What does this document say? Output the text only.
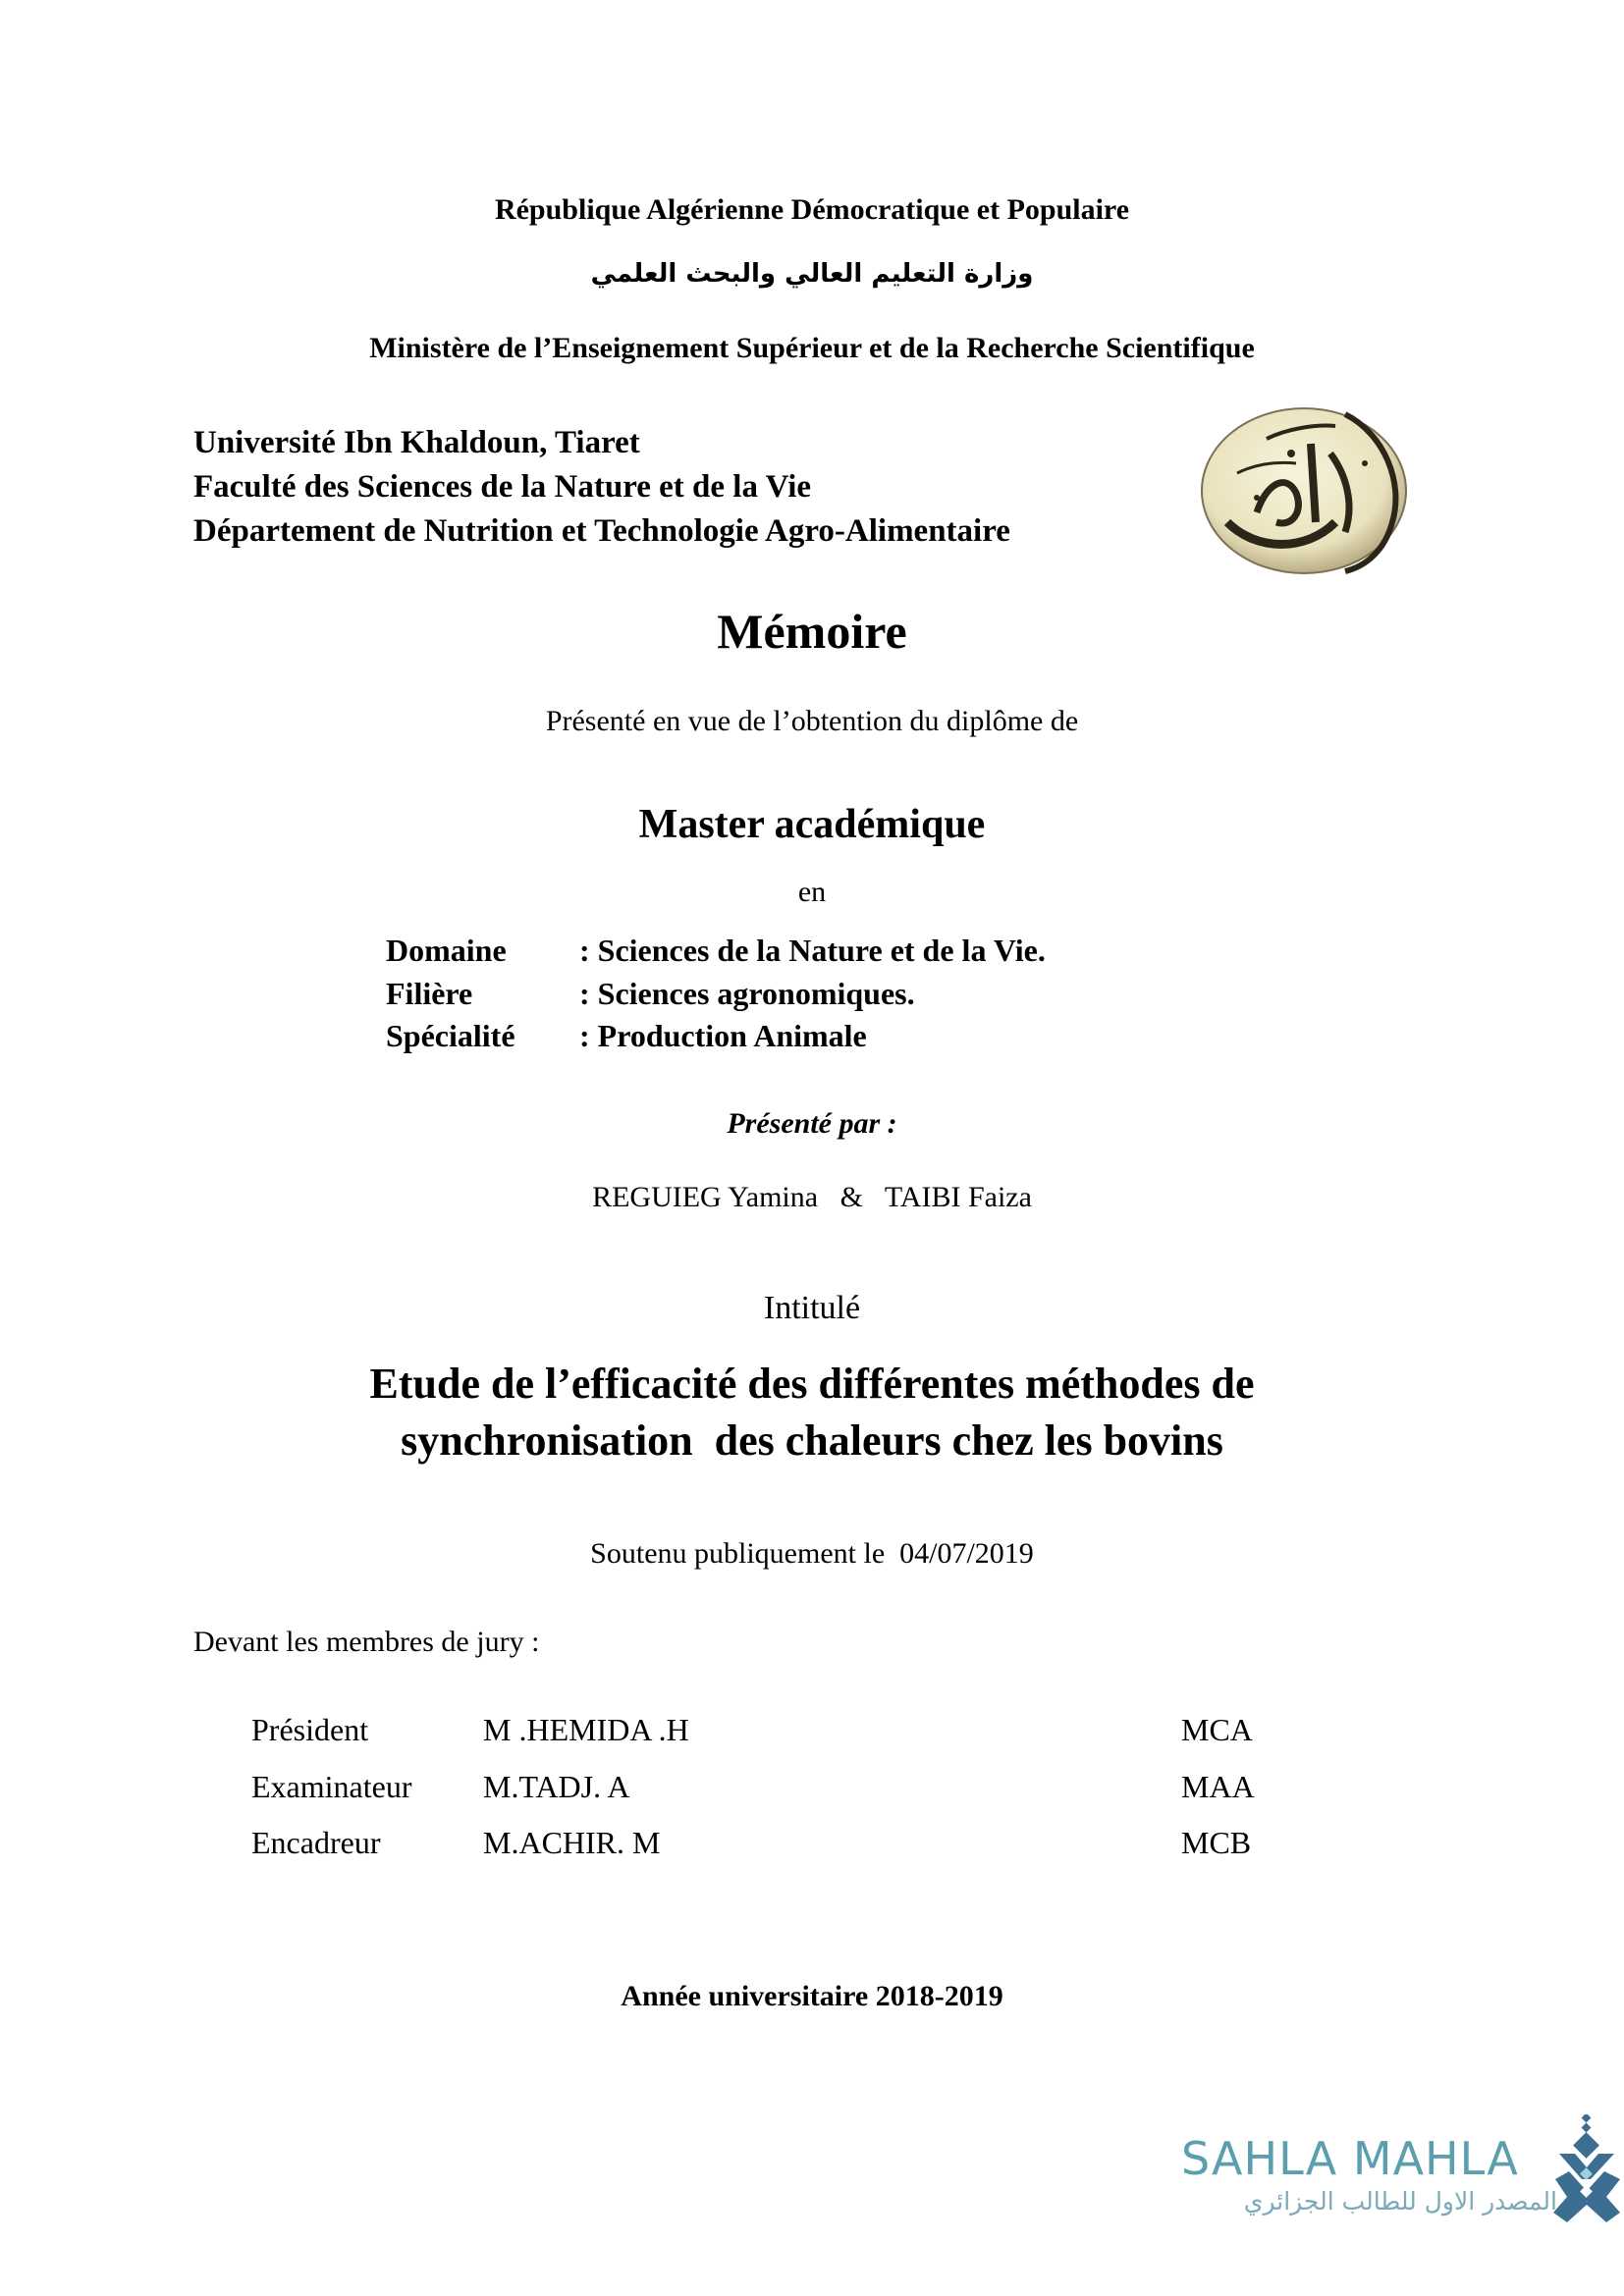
République Algérienne Démocratique et Populaire
وزارة التعليم العالي والبحث العلمي
Ministère de l’Enseignement Supérieur et de la Recherche Scientifique
Université Ibn Khaldoun, Tiaret
Faculté des Sciences de la Nature et de la Vie
Département de Nutrition et Technologie Agro-Alimentaire
Mémoire
Présenté en vue de l’obtention du diplôme de
Master académique
en
Domaine : Sciences de la Nature et de la Vie.
Filière	: Sciences agronomiques.
Spécialité : Production Animale
Présenté par :
REGUIEG Yamina   &   TAIBI Faiza
Intitulé
Etude de l’efficacité des différentes méthodes de
synchronisation  des chaleurs chez les bovins
Soutenu publiquement le  04/07/2019
Devant les membres de jury :
Président	M .HEMIDA .H	MCA
Examinateur M.TADJ. A	MAA
Encadreur	M.ACHIR. M	MCB
Année universitaire 2018-2019
SAHLA MAHLA
المصدر الاول للطالب الجزائري
